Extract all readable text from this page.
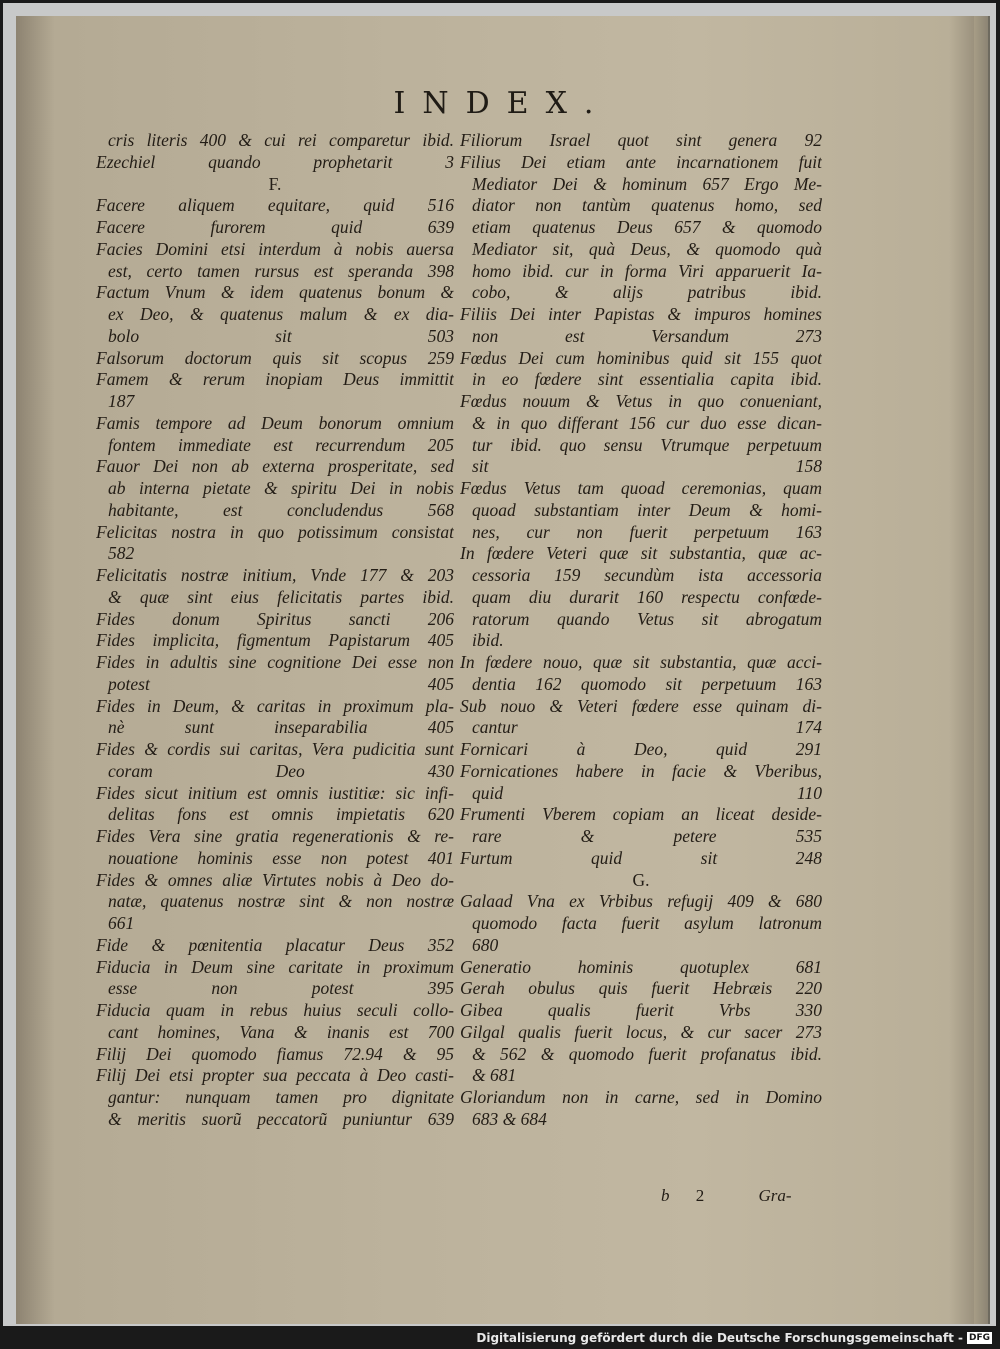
INDEX.
cris literis 400 & cui rei comparetur ibid.
Ezechiel quando prophetarit 3
F.
Facere aliquem equitare, quid 516
Facere furorem quid 639
Facies Domini etsi interdum à nobis auersa
est, certo tamen rursus est speranda 398
Factum Vnum & idem quatenus bonum &
ex Deo, & quatenus malum & ex dia-
bolo sit 503
Falsorum doctorum quis sit scopus 259
Famem & rerum inopiam Deus immittit
187
Famis tempore ad Deum bonorum omnium
fontem immediate est recurrendum 205
Fauor Dei non ab externa prosperitate, sed
ab interna pietate & spiritu Dei in nobis
habitante, est concludendus 568
Felicitas nostra in quo potissimum consistat
582
Felicitatis nostræ initium, Vnde 177 & 203
& quæ sint eius felicitatis partes ibid.
Fides donum Spiritus sancti 206
Fides implicita, figmentum Papistarum 405
Fides in adultis sine cognitione Dei esse non
potest 405
Fides in Deum, & caritas in proximum pla-
nè sunt inseparabilia 405
Fides & cordis sui caritas, Vera pudicitia sunt
coram Deo 430
Fides sicut initium est omnis iustitiæ: sic infi-
delitas fons est omnis impietatis 620
Fides Vera sine gratia regenerationis & re-
nouatione hominis esse non potest 401
Fides & omnes aliæ Virtutes nobis à Deo do-
natæ, quatenus nostræ sint & non nostræ
661
Fide & pœnitentia placatur Deus 352
Fiducia in Deum sine caritate in proximum
esse non potest 395
Fiducia quam in rebus huius seculi collo-
cant homines, Vana & inanis est 700
Filij Dei quomodo fiamus 72.94 & 95
Filij Dei etsi propter sua peccata à Deo casti-
gantur: nunquam tamen pro dignitate
& meritis suorũ peccatorũ puniuntur 639
Filiorum Israel quot sint genera 92
Filius Dei etiam ante incarnationem fuit
Mediator Dei & hominum 657 Ergo Me-
diator non tantùm quatenus homo, sed
etiam quatenus Deus 657 & quomodo
Mediator sit, quà Deus, & quomodo quà
homo ibid. cur in forma Viri apparuerit Ia-
cobo, & alijs patribus ibid.
Filiis Dei inter Papistas & impuros homines
non est Versandum 273
Fœdus Dei cum hominibus quid sit 155 quot
in eo fœdere sint essentialia capita ibid.
Fœdus nouum & Vetus in quo conueniant,
& in quo differant 156 cur duo esse dican-
tur ibid. quo sensu Vtrumque perpetuum
sit 158
Fœdus Vetus tam quoad ceremonias, quam
quoad substantiam inter Deum & homi-
nes, cur non fuerit perpetuum 163
In fœdere Veteri quæ sit substantia, quæ ac-
cessoria 159 secundùm ista accessoria
quam diu durarit 160 respectu confœde-
ratorum quando Vetus sit abrogatum
ibid.
In fœdere nouo, quæ sit substantia, quæ acci-
dentia 162 quomodo sit perpetuum 163
Sub nouo & Veteri fœdere esse quinam di-
cantur 174
Fornicari à Deo, quid 291
Fornicationes habere in facie & Vberibus,
quid 110
Frumenti Vberem copiam an liceat deside-
rare & petere 535
Furtum quid sit 248
G.
Galaad Vna ex Vrbibus refugij 409 & 680
quomodo facta fuerit asylum latronum
680
Generatio hominis quotuplex 681
Gerah obulus quis fuerit Hebræis 220
Gibea qualis fuerit Vrbs 330
Gilgal qualis fuerit locus, & cur sacer 273
& 562 & quomodo fuerit profanatus ibid.
& 681
Gloriandum non in carne, sed in Domino
683 & 684
b 2	Gra-
Digitalisierung gefördert durch die Deutsche Forschungsgemeinschaft - DFG
